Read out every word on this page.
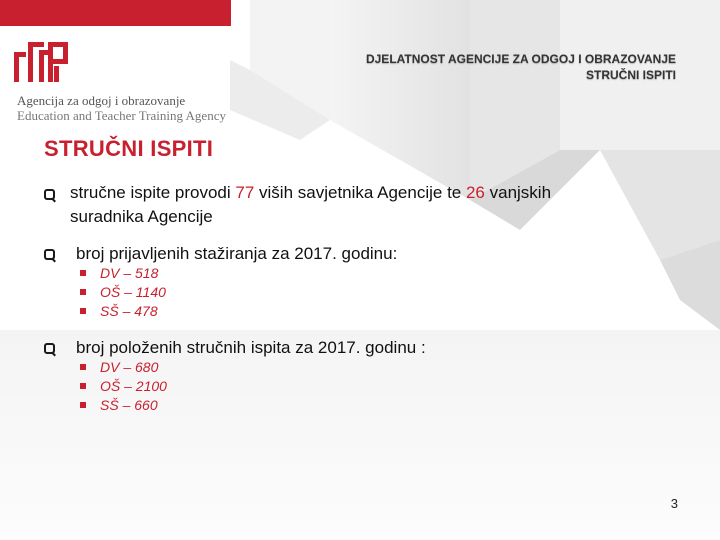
Agencija za odgoj i obrazovanje
Education and Teacher Training Agency
DJELATNOST AGENCIJE ZA ODGOJ I OBRAZOVANJE
STRUČNI ISPITI
STRUČNI ISPITI
stručne ispite provodi 77 viših savjetnika Agencije te 26 vanjskih
suradnika Agencije
broj prijavljenih stažiranja za 2017. godinu:
DV – 518
OŠ – 1140
SŠ – 478
broj položenih stručnih ispita za 2017. godinu :
DV – 680
OŠ – 2100
SŠ – 660
3
